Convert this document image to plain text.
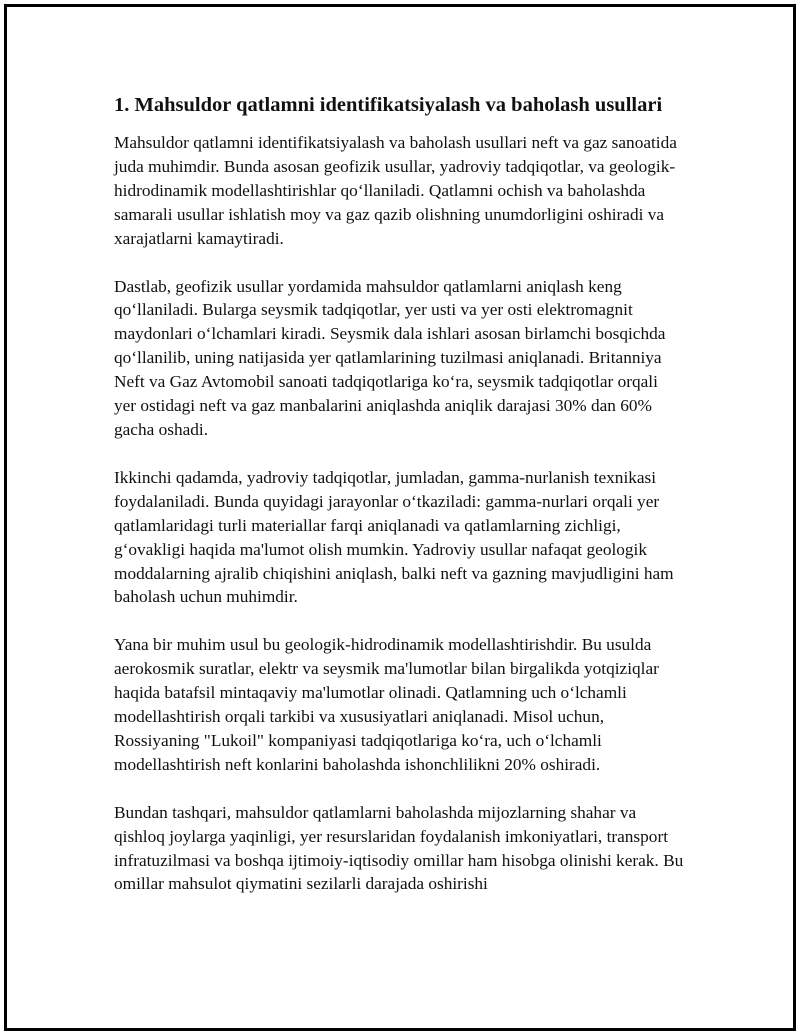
1. Mahsuldor qatlamni identifikatsiyalash va baholash usullari

Mahsuldor qatlamni identifikatsiyalash va baholash usullari neft va gaz sanoatida juda muhimdir. Bunda asosan geofizik usullar, yadroviy tadqiqotlar, va geologik-hidrodinamik modellashtirishlar qo‘llaniladi. Qatlamni ochish va baholashda samarali usullar ishlatish moy va gaz qazib olishning unumdorligini oshiradi va xarajatlarni kamaytiradi.

Dastlab, geofizik usullar yordamida mahsuldor qatlamlarni aniqlash keng qo‘llaniladi. Bularga seysmik tadqiqotlar, yer usti va yer osti elektromagnit maydonlari o‘lchamlari kiradi. Seysmik dala ishlari asosan birlamchi bosqichda qo‘llanilib, uning natijasida yer qatlamlarining tuzilmasi aniqlanadi. Britanniya Neft va Gaz Avtomobil sanoati tadqiqotlariga ko‘ra, seysmik tadqiqotlar orqali yer ostidagi neft va gaz manbalarini aniqlashda aniqlik darajasi 30% dan 60% gacha oshadi.

Ikkinchi qadamda, yadroviy tadqiqotlar, jumladan, gamma-nurlanish texnikasi foydalaniladi. Bunda quyidagi jarayonlar o‘tkaziladi: gamma-nurlari orqali yer qatlamlaridagi turli materiallar farqi aniqlanadi va qatlamlarning zichligi, g‘ovakligi haqida ma'lumot olish mumkin. Yadroviy usullar nafaqat geologik moddalarning ajralib chiqishini aniqlash, balki neft va gazning mavjudligini ham baholash uchun muhimdir.

Yana bir muhim usul bu geologik-hidrodinamik modellashtirishdir. Bu usulda aerokosmik suratlar, elektr va seysmik ma'lumotlar bilan birgalikda yotqiziqlar haqida batafsil mintaqaviy ma'lumotlar olinadi. Qatlamning uch o‘lchamli modellashtirish orqali tarkibi va xususiyatlari aniqlanadi. Misol uchun, Rossiyaning "Lukoil" kompaniyasi tadqiqotlariga ko‘ra, uch o‘lchamli modellashtirish neft konlarini baholashda ishonchlilikni 20% oshiradi.

Bundan tashqari, mahsuldor qatlamlarni baholashda mijozlarning shahar va qishloq joylarga yaqinligi, yer resurslaridan foydalanish imkoniyatlari, transport infratuzilmasi va boshqa ijtimoiy-iqtisodiy omillar ham hisobga olinishi kerak. Bu omillar mahsulot qiymatini sezilarli darajada oshirishi
